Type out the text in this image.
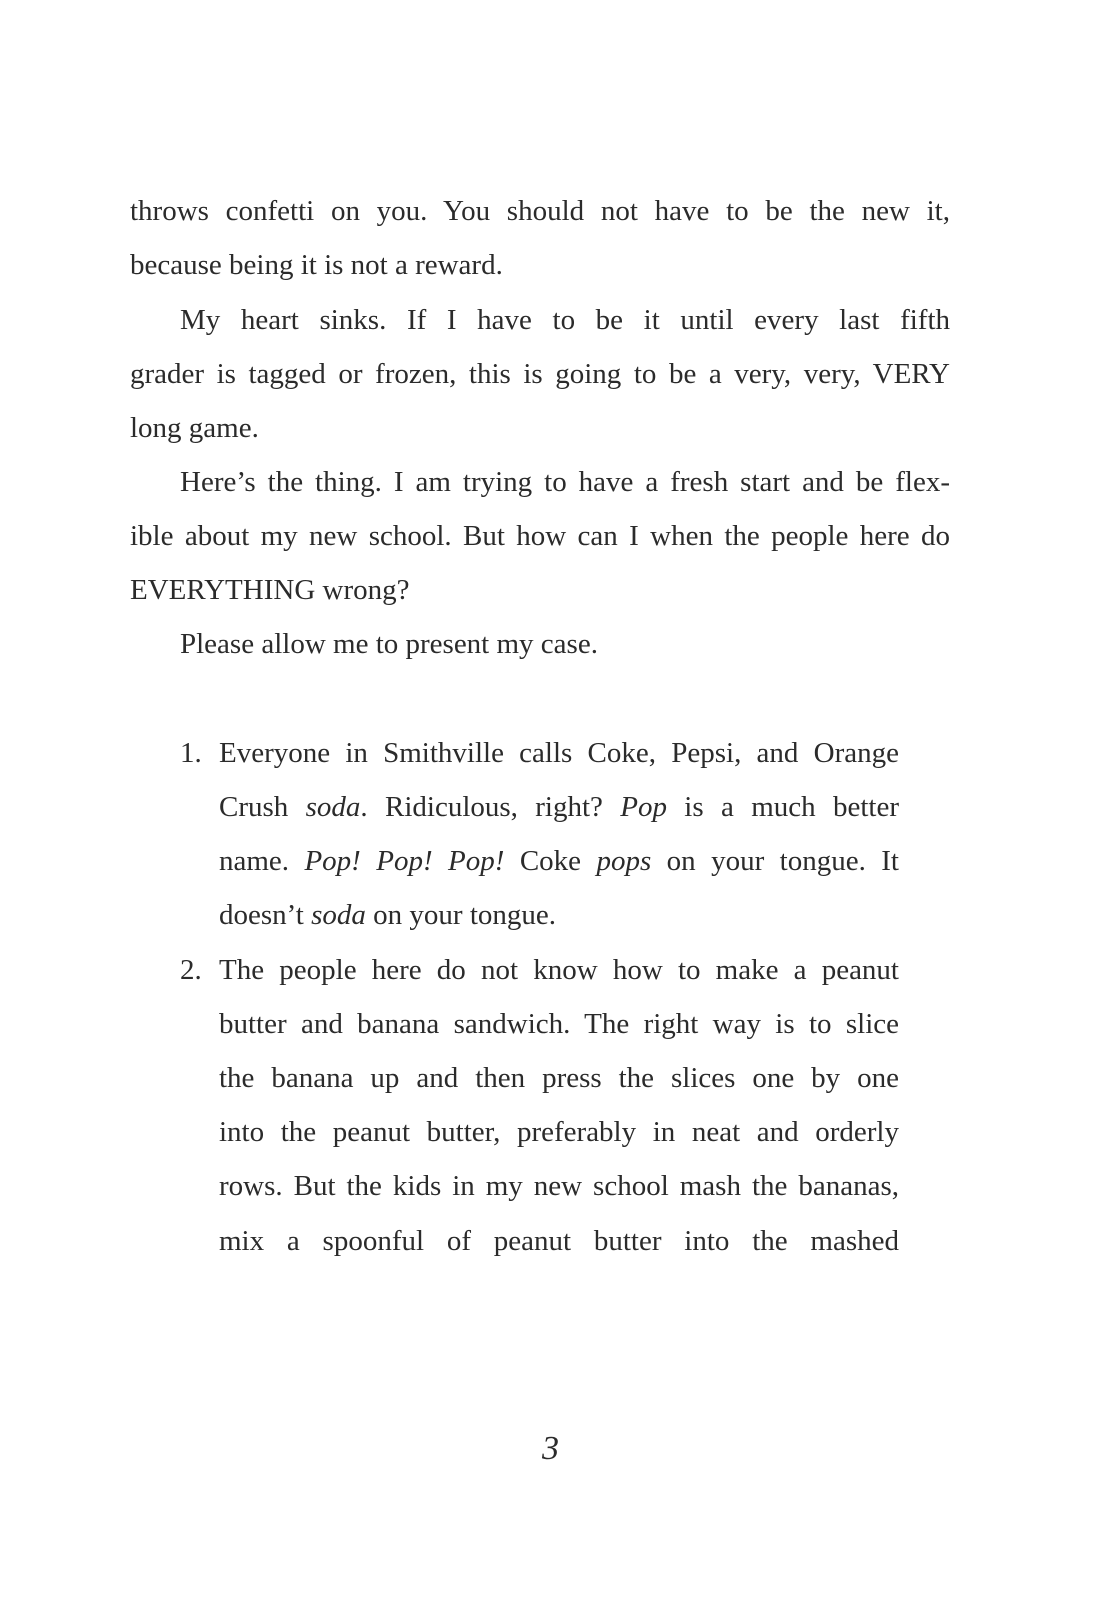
throws confetti on you. You should not have to be the new it,
because being it is not a reward.
My heart sinks. If I have to be it until every last fifth
grader is tagged or frozen, this is going to be a very, very, VERY
long game.
Here’s the thing. I am trying to have a fresh start and be flex-
ible about my new school. But how can I when the people here do
EVERYTHING wrong?
Please allow me to present my case.
1. Everyone in Smithville calls Coke, Pepsi, and Orange
Crush soda. Ridiculous, right? Pop is a much better
name. Pop! Pop! Pop! Coke pops on your tongue. It
doesn’t soda on your tongue.
2. The people here do not know how to make a peanut
butter and banana sandwich. The right way is to slice
the banana up and then press the slices one by one
into the peanut butter, preferably in neat and orderly
rows. But the kids in my new school mash the bananas,
mix a spoonful of peanut butter into the mashed
3
